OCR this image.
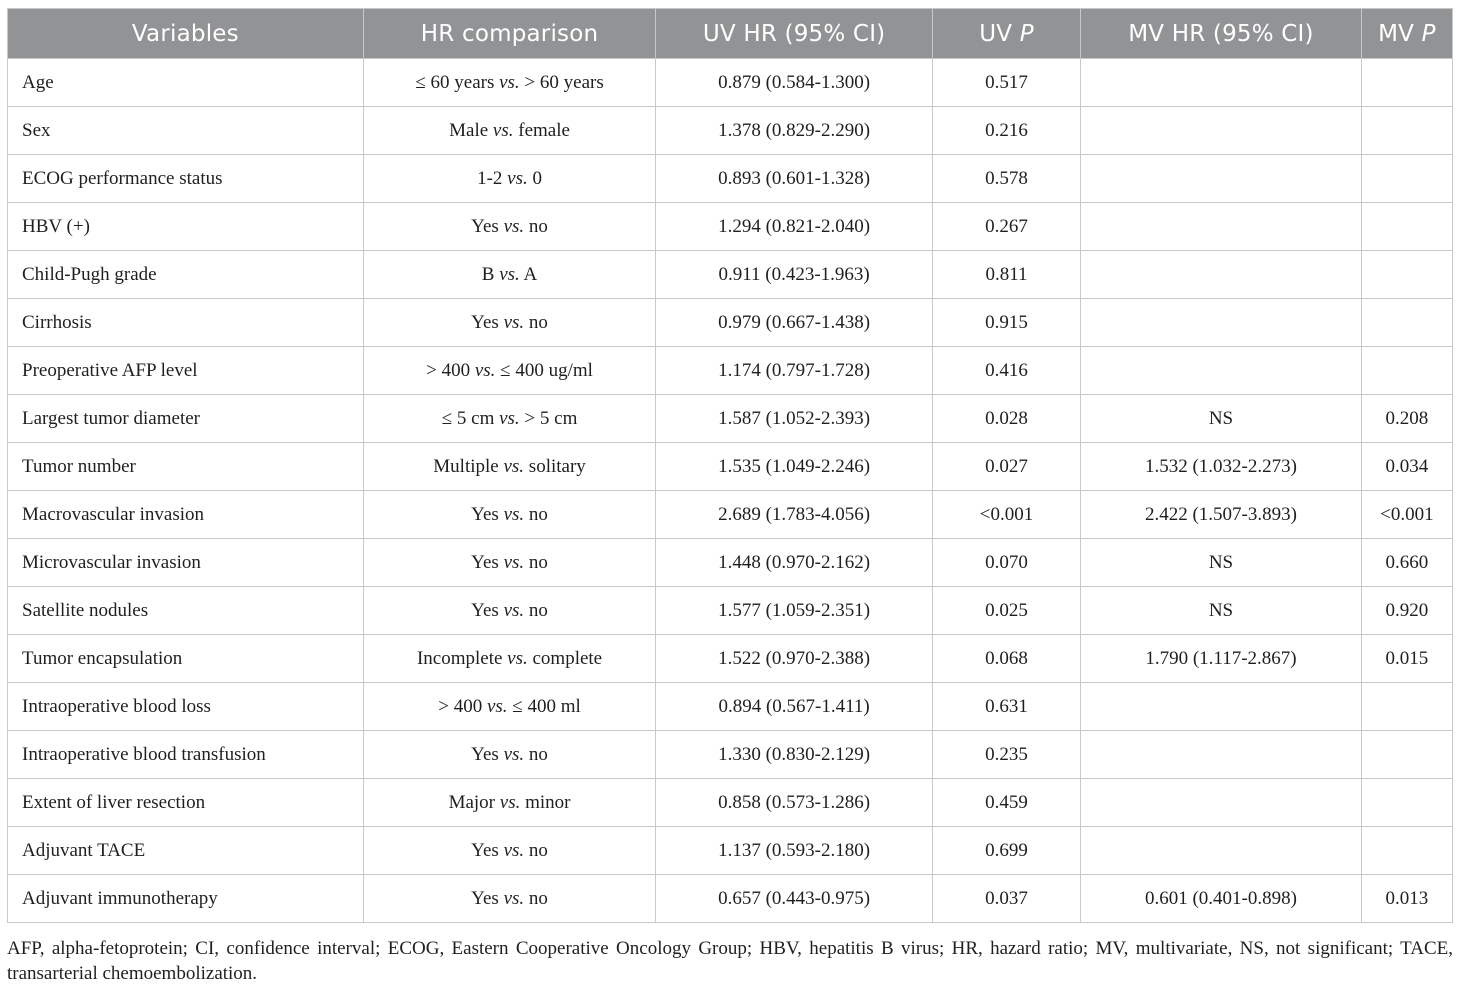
Variables	HR comparison	UV HR (95% CI)	UV P	MV HR (95% CI)	MV P
Age	≤ 60 years vs. > 60 years	0.879 (0.584-1.300)	0.517		
Sex	Male vs. female	1.378 (0.829-2.290)	0.216		
ECOG performance status	1-2 vs. 0	0.893 (0.601-1.328)	0.578		
HBV (+)	Yes vs. no	1.294 (0.821-2.040)	0.267		
Child-Pugh grade	B vs. A	0.911 (0.423-1.963)	0.811		
Cirrhosis	Yes vs. no	0.979 (0.667-1.438)	0.915		
Preoperative AFP level	> 400 vs. ≤ 400 ug/ml	1.174 (0.797-1.728)	0.416		
Largest tumor diameter	≤ 5 cm vs. > 5 cm	1.587 (1.052-2.393)	0.028	NS	0.208
Tumor number	Multiple vs. solitary	1.535 (1.049-2.246)	0.027	1.532 (1.032-2.273)	0.034
Macrovascular invasion	Yes vs. no	2.689 (1.783-4.056)	<0.001	2.422 (1.507-3.893)	<0.001
Microvascular invasion	Yes vs. no	1.448 (0.970-2.162)	0.070	NS	0.660
Satellite nodules	Yes vs. no	1.577 (1.059-2.351)	0.025	NS	0.920
Tumor encapsulation	Incomplete vs. complete	1.522 (0.970-2.388)	0.068	1.790 (1.117-2.867)	0.015
Intraoperative blood loss	> 400 vs. ≤ 400 ml	0.894 (0.567-1.411)	0.631		
Intraoperative blood transfusion	Yes vs. no	1.330 (0.830-2.129)	0.235		
Extent of liver resection	Major vs. minor	0.858 (0.573-1.286)	0.459		
Adjuvant TACE	Yes vs. no	1.137 (0.593-2.180)	0.699		
Adjuvant immunotherapy	Yes vs. no	0.657 (0.443-0.975)	0.037	0.601 (0.401-0.898)	0.013
AFP, alpha-fetoprotein; CI, confidence interval; ECOG, Eastern Cooperative Oncology Group; HBV, hepatitis B virus; HR, hazard ratio; MV, multivariate, NS, not significant; TACE, transarterial chemoembolization.
